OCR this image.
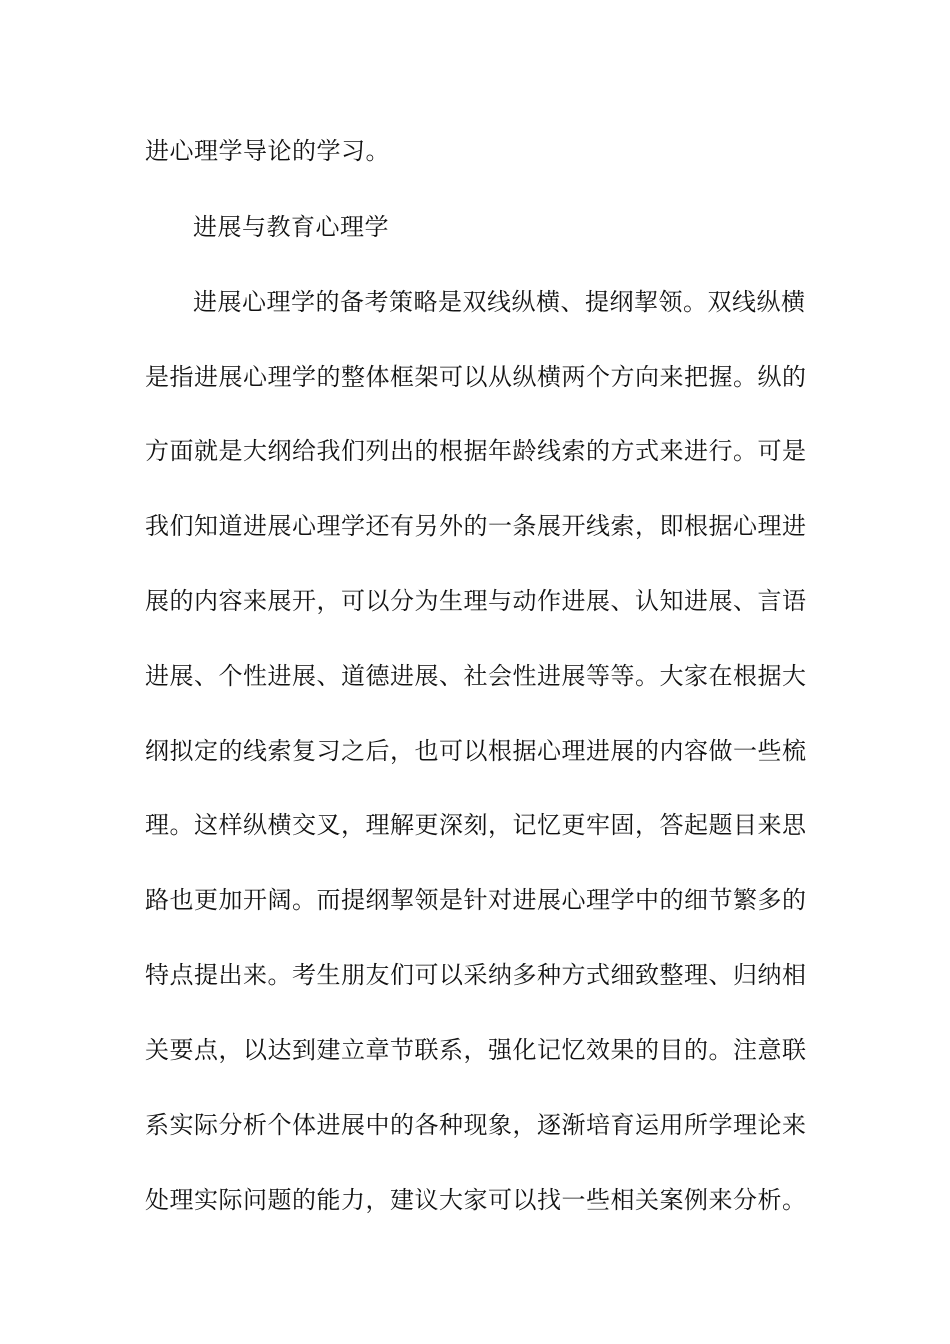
进心理学导论的学习。
进展与教育心理学
进展心理学的备考策略是双线纵横、提纲挈领。双线纵横
是指进展心理学的整体框架可以从纵横两个方向来把握。纵的
方面就是大纲给我们列出的根据年龄线索的方式来进行。可是
我们知道进展心理学还有另外的一条展开线索，即根据心理进
展的内容来展开，可以分为生理与动作进展、认知进展、言语
进展、个性进展、道德进展、社会性进展等等。大家在根据大
纲拟定的线索复习之后，也可以根据心理进展的内容做一些梳
理。这样纵横交叉，理解更深刻，记忆更牢固，答起题目来思
路也更加开阔。而提纲挈领是针对进展心理学中的细节繁多的
特点提出来。考生朋友们可以采纳多种方式细致整理、归纳相
关要点，以达到建立章节联系，强化记忆效果的目的。注意联
系实际分析个体进展中的各种现象，逐渐培育运用所学理论来
处理实际问题的能力，建议大家可以找一些相关案例来分析。
